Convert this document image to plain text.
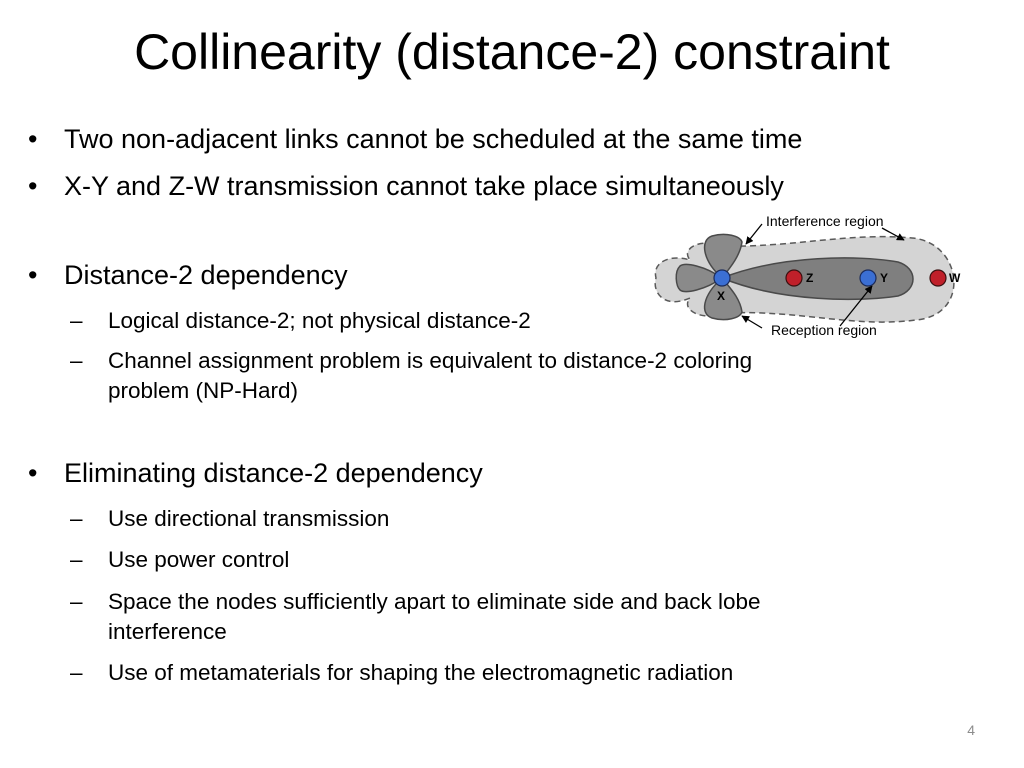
Collinearity (distance-2) constraint
• Two non-adjacent links cannot be scheduled at the same time
• X-Y and Z-W transmission cannot take place simultaneously
• Distance-2 dependency
– Logical distance-2; not physical distance-2
– Channel assignment problem is equivalent to distance-2 coloring
problem (NP-Hard)
• Eliminating distance-2 dependency
– Use directional transmission
– Use power control
– Space the nodes sufficiently apart to eliminate side and back lobe
interference
– Use of metamaterials for shaping the electromagnetic radiation
Interference region
Reception region
X
Z	Y	W
4
